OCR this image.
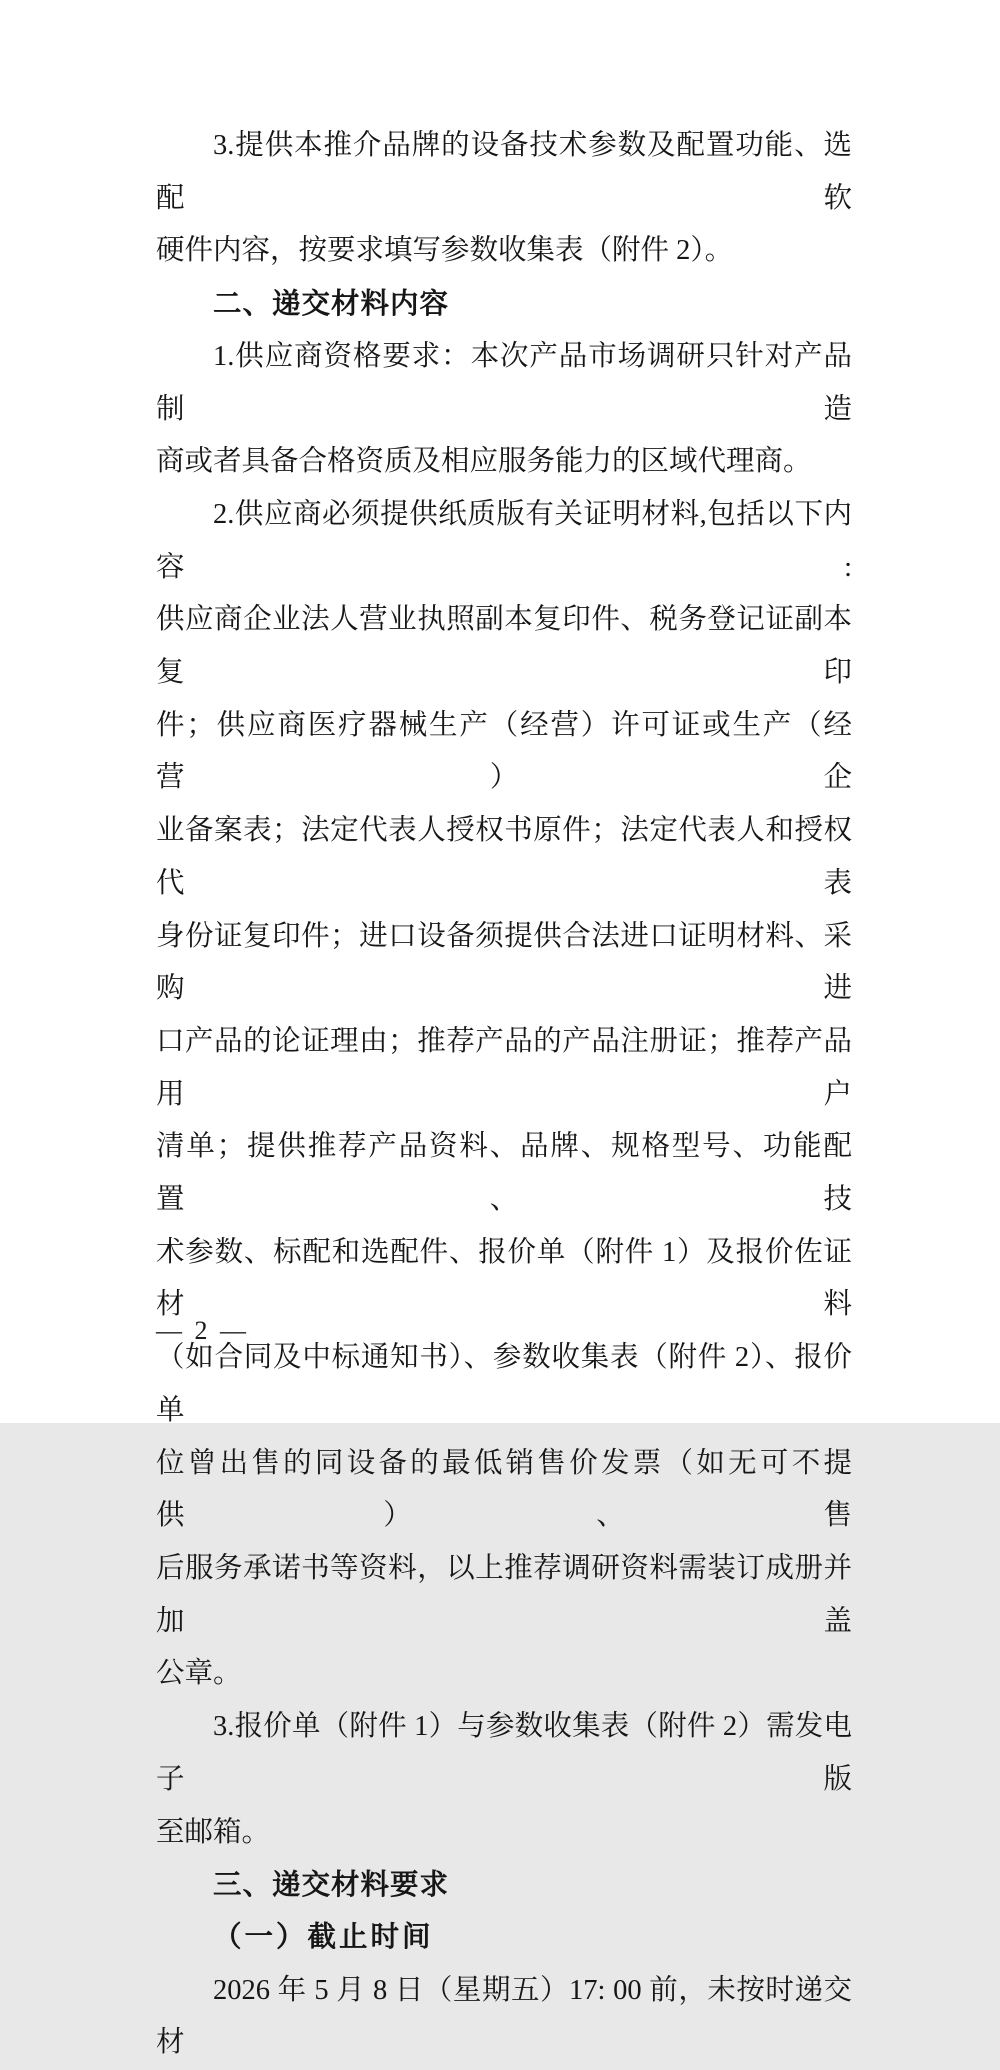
3.提供本推介品牌的设备技术参数及配置功能、选配软
硬件内容，按要求填写参数收集表（附件 2）。
二、递交材料内容
1.供应商资格要求：本次产品市场调研只针对产品制造
商或者具备合格资质及相应服务能力的区域代理商。
2.供应商必须提供纸质版有关证明材料,包括以下内容:
供应商企业法人营业执照副本复印件、税务登记证副本复印
件；供应商医疗器械生产（经营）许可证或生产（经营）企
业备案表；法定代表人授权书原件；法定代表人和授权代表
身份证复印件；进口设备须提供合法进口证明材料、采购进
口产品的论证理由；推荐产品的产品注册证；推荐产品用户
清单；提供推荐产品资料、品牌、规格型号、功能配置、技
术参数、标配和选配件、报价单（附件 1）及报价佐证材料
（如合同及中标通知书）、参数收集表（附件 2）、报价单
位曾出售的同设备的最低销售价发票（如无可不提供）、售
后服务承诺书等资料，以上推荐调研资料需装订成册并加盖
公章。
3.报价单（附件 1）与参数收集表（附件 2）需发电子版
至邮箱。
三、递交材料要求
（一）截止时间
2026 年 5 月 8 日（星期五）17: 00 前，未按时递交材
— 2 —
